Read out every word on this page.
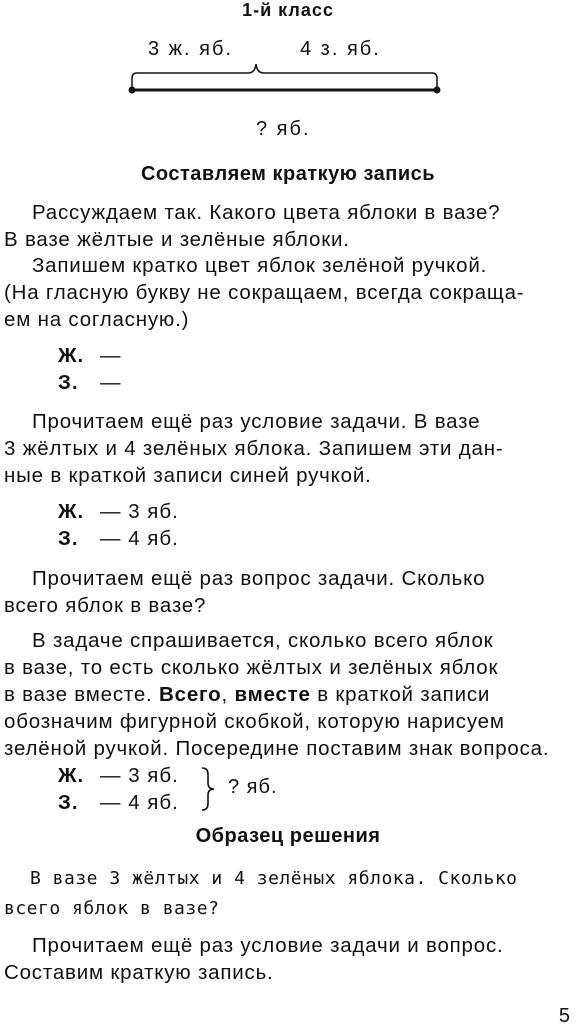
1-й класс
3 ж. яб.	4 з. яб.
? яб.
Составляем краткую запись
Рассуждаем так. Какого цвета яблоки в вазе?
В вазе жёлтые и зелёные яблоки.
Запишем кратко цвет яблок зелёной ручкой.
(На гласную букву не сокращаем, всегда сокраща-
ем на согласную.)
Ж. —
З. —
Прочитаем ещё раз условие задачи. В вазе
3 жёлтых и 4 зелёных яблока. Запишем эти дан-
ные в краткой записи синей ручкой.
Ж. — 3 яб.
З. — 4 яб.
Прочитаем ещё раз вопрос задачи. Сколько
всего яблок в вазе?
В задаче спрашивается, сколько всего яблок
в вазе, то есть сколько жёлтых и зелёных яблок
в вазе вместе. Всего, вместе в краткой записи
обозначим фигурной скобкой, которую нарисуем
зелёной ручкой. Посередине поставим знак вопроса.
Ж. — 3 яб.
З. — 4 яб.
? яб.
Образец решения
В вазе 3 жёлтых и 4 зелёных яблока. Сколько
всего яблок в вазе?
Прочитаем ещё раз условие задачи и вопрос.
Составим краткую запись.
5
